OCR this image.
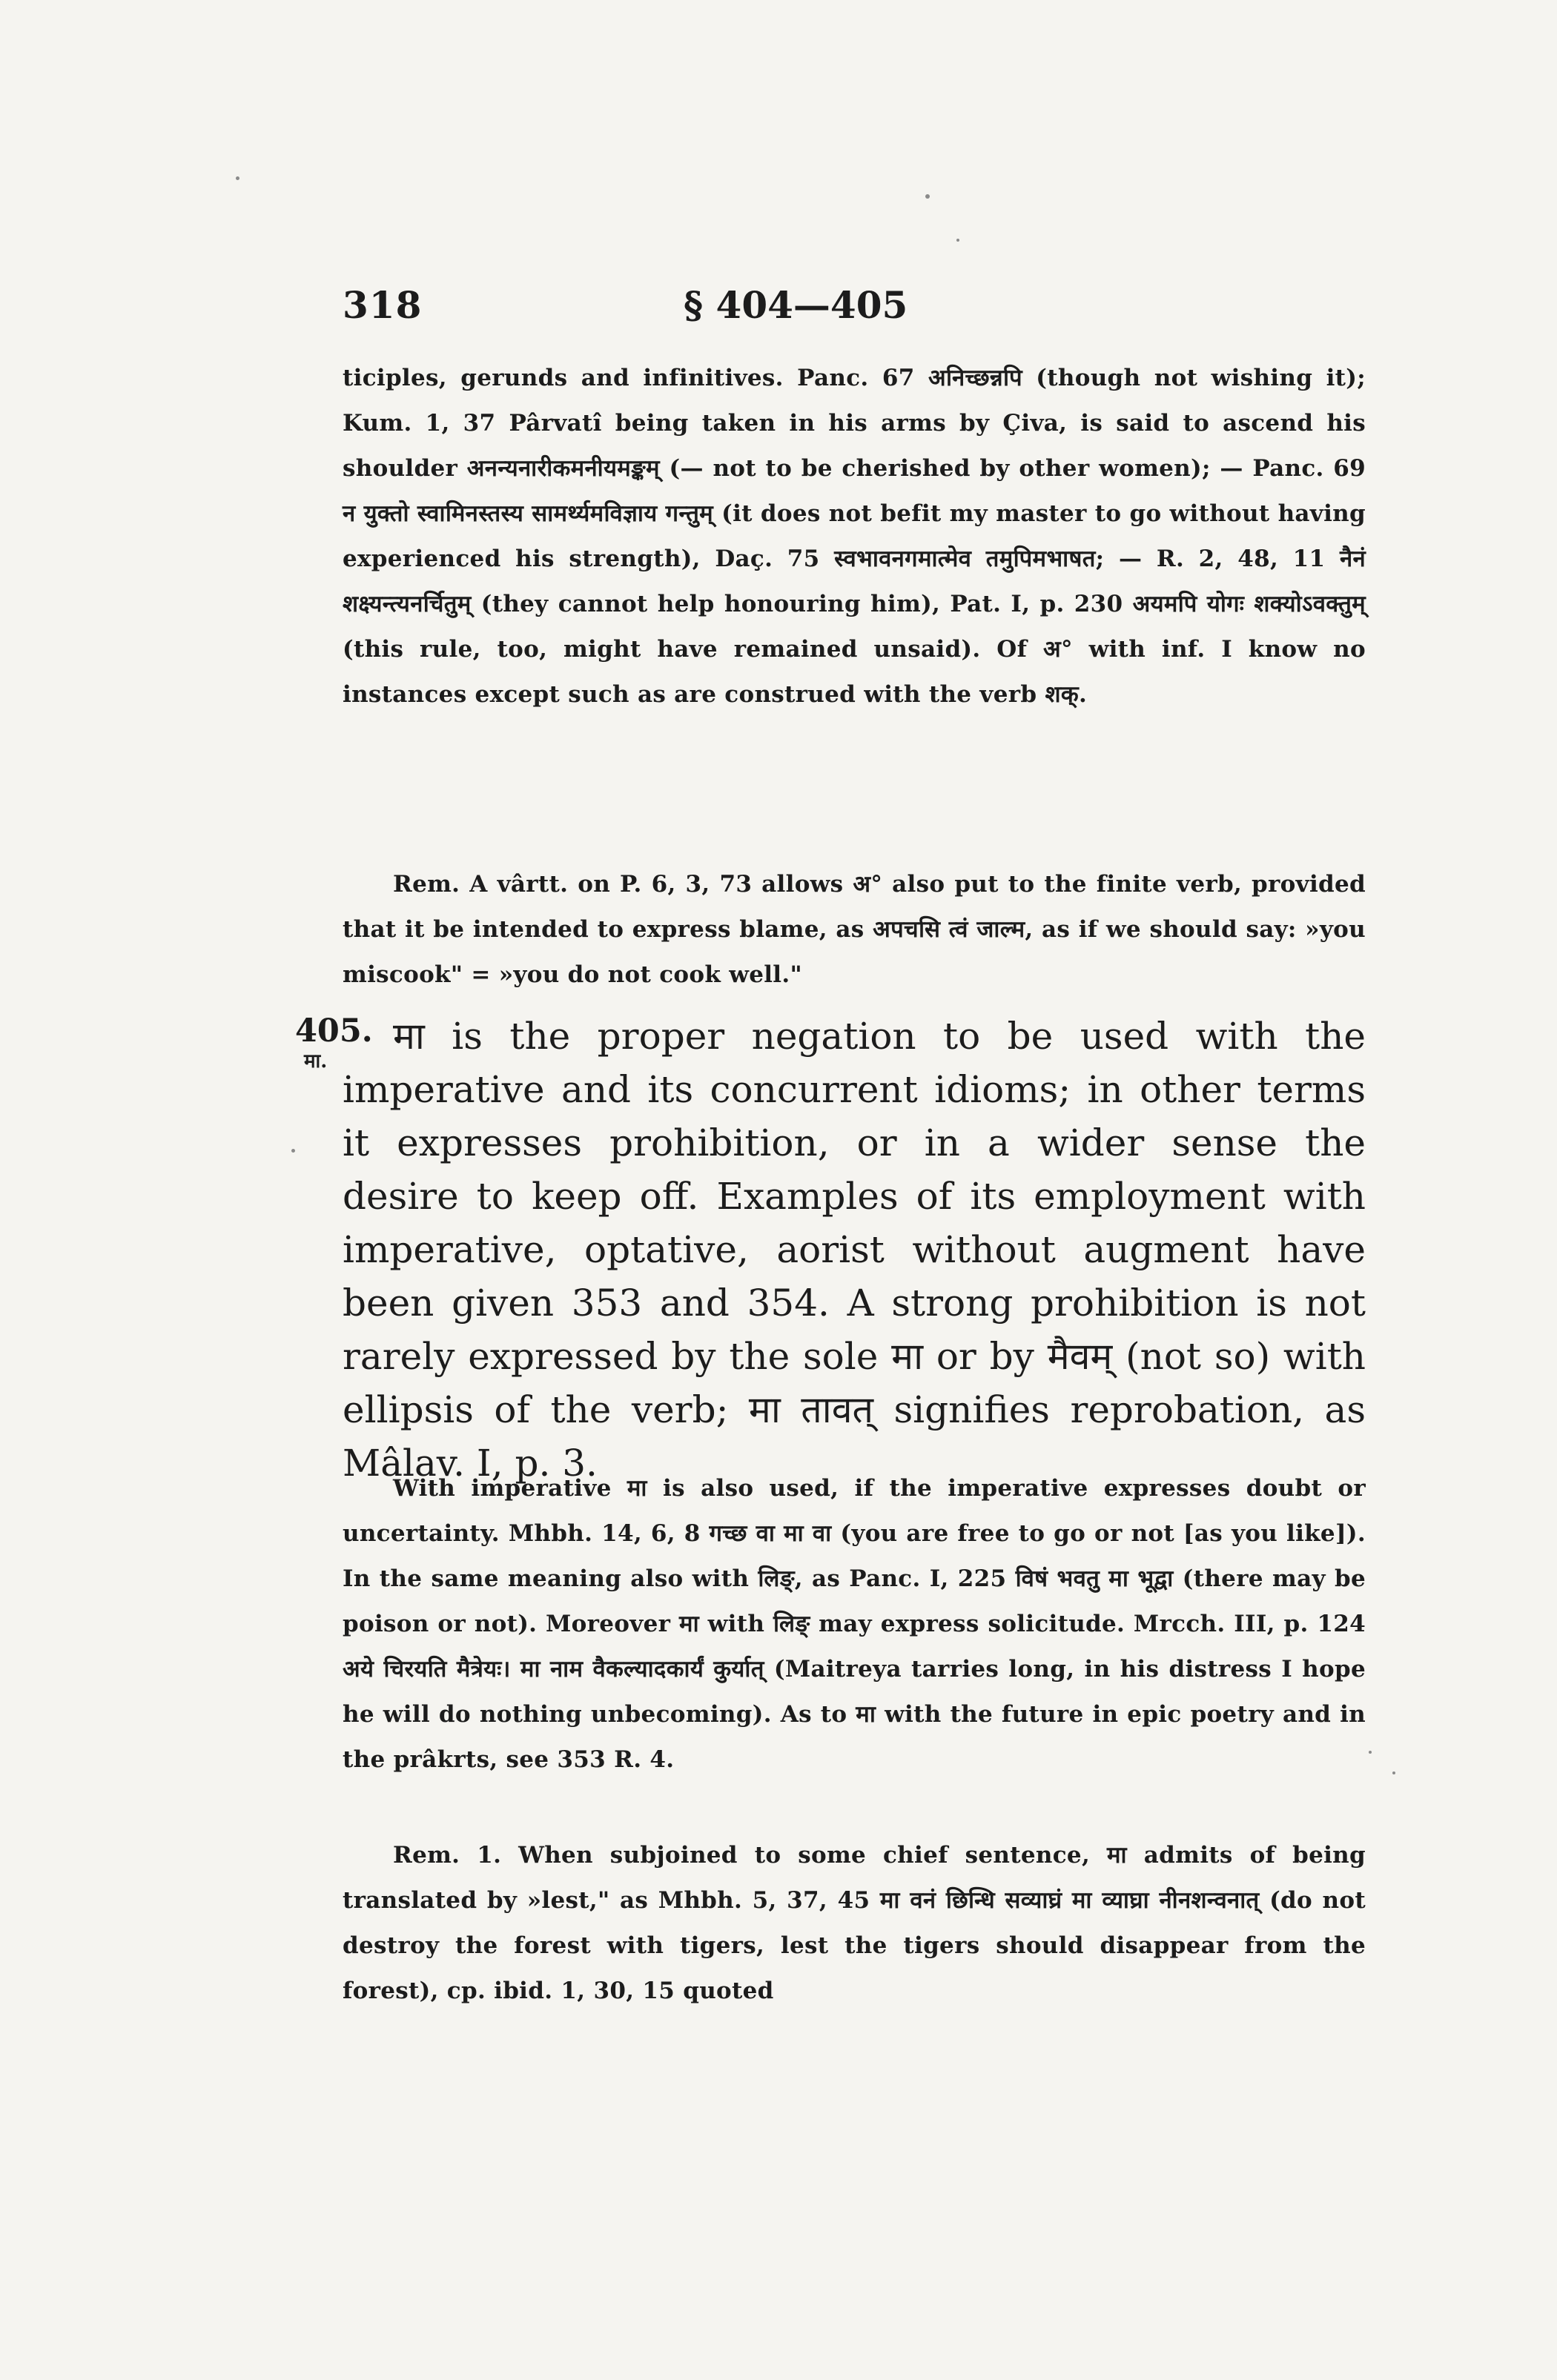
318	§ 404—405

ticiples, gerunds and infinitives. Panc. 67 अनिच्छन्नपि (though not wishing it); Kum. 1, 37 Pârvatî being taken in his arms by Çiva, is said to ascend his shoulder अनन्यनारीकमनीयमङ्कम् (— not to be cherished by other women); — Panc. 69 न युक्तो स्वामिनस्तस्य सामर्थ्यमविज्ञाय गन्तुम् (it does not befit my master to go without having experienced his strength), Daç. 75 स्वभावनगमात्मेव तमुपिमभाषत; — R. 2, 48, 11 नैनं शक्ष्यन्त्यनर्चितुम् (they cannot help honouring him), Pat. I, p. 230 अयमपि योगः शक्योऽवक्तुम् (this rule, too, might have remained unsaid). Of अ° with inf. I know no instances except such as are construed with the verb शक्.

Rem. A vârtt. on P. 6, 3, 73 allows अ° also put to the finite verb, provided that it be intended to express blame, as अपचसि त्वं जाल्म, as if we should say: »you miscook" = »you do not cook well."

405.
मा.

मा is the proper negation to be used with the imperative and its concurrent idioms; in other terms it expresses prohibition, or in a wider sense the desire to keep off. Examples of its employment with imperative, optative, aorist without augment have been given 353 and 354. A strong prohibition is not rarely expressed by the sole मा or by मैवम् (not so) with ellipsis of the verb; मा तावत् signifies reprobation, as Mâlav. I, p. 3.

With imperative मा is also used, if the imperative expresses doubt or uncertainty. Mhbh. 14, 6, 8 गच्छ वा मा वा (you are free to go or not [as you like]). In the same meaning also with लिङ्, as Panc. I, 225 विषं भवतु मा भूद्वा (there may be poison or not). Moreover मा with लिङ् may express solicitude. Mrcch. III, p. 124 अये चिरयति मैत्रेयः। मा नाम वैकल्यादकार्यं कुर्यात् (Maitreya tarries long, in his distress I hope he will do nothing unbecoming). As to मा with the future in epic poetry and in the prâkrts, see 353 R. 4.

Rem. 1. When subjoined to some chief sentence, मा admits of being translated by »lest," as Mhbh. 5, 37, 45 मा वनं छिन्धि सव्याघ्रं मा व्याघ्रा नीनशन्वनात् (do not destroy the forest with tigers, lest the tigers should disappear from the forest), cp. ibid. 1, 30, 15 quoted
